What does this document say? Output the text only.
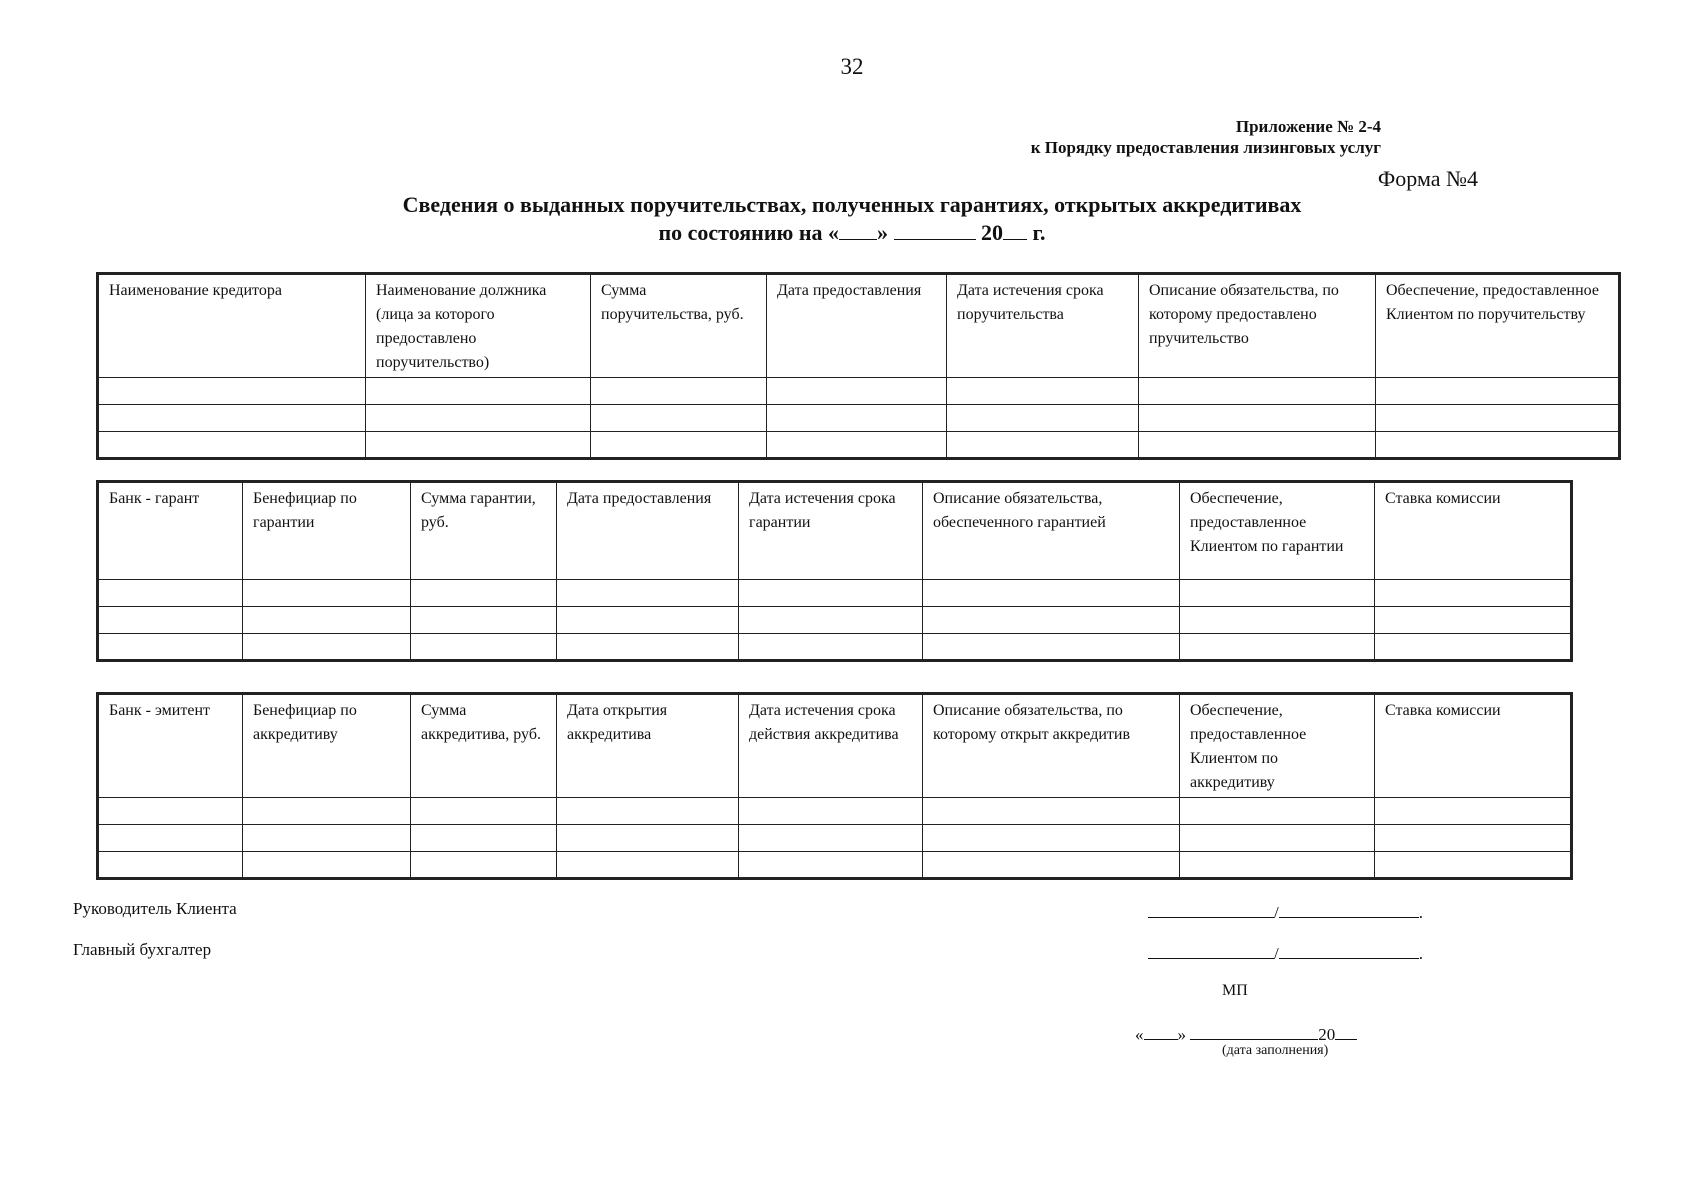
32
Приложение № 2-4
к Порядку предоставления лизинговых услуг
Форма №4
Сведения о выданных поручительствах, полученных гарантиях, открытых аккредитивах
по состоянию на « »	20 г.
Наименование кредитора	Наименование должника (лица за которого предоставлено поручительство)	Сумма поручительства, руб.	Дата предоставления	Дата истечения срока поручительства	Описание обязательства, по которому предоставлено пручительство	Обеспечение, предоставленное Клиентом по поручительству

Банк - гарант	Бенефициар по гарантии	Сумма гарантии, руб.	Дата предоставления	Дата истечения срока гарантии	Описание обязательства, обеспеченного гарантией	Обеспечение, предоставленное Клиентом по гарантии	Ставка комиссии

Банк - эмитент	Бенефициар по аккредитиву	Сумма аккредитива, руб.	Дата открытия аккредитива	Дата истечения срока действия аккредитива	Описание обязательства, по которому открыт аккредитив	Обеспечение, предоставленное Клиентом по аккредитиву	Ставка комиссии

Руководитель Клиента	/	.
Главный бухгалтер	/	.
МП
« »	20
(дата заполнения)
